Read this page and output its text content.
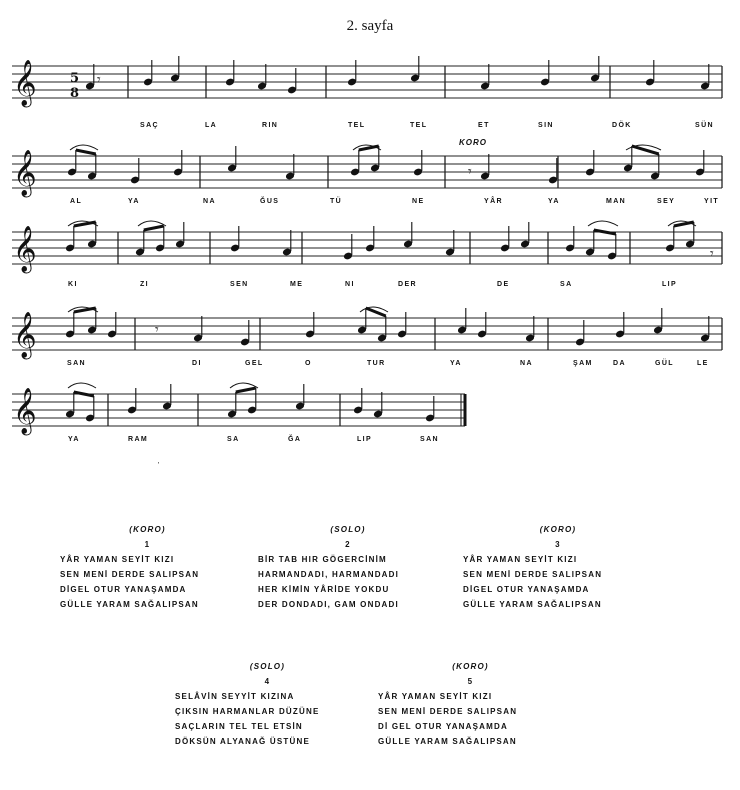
2. sayfa
𝄞
𝄞
𝄞
𝄞
𝄞
5
8
𝄾
𝄾
𝄾
𝄾
SAÇ	LA	RIN	TEL	TEL	ET	SIN	DÖK	SÜN
AL	YA	NA	ĞUS	TÜ	NE	YÂR	YA	MAN	SEY	YIT
KI	ZI	SEN	ME	NI	DER	DE	SA	LIP
SAN	DI	GEL	O	TUR	YA	NA	ŞAM	DA	GÜL	LE
YA	RAM	SA	ĞA	LIP	SAN
KORO
'
(KORO)
1
YÂR YAMAN SEYİT KIZI
SEN MENİ DERDE SALIPSAN
DİGEL OTUR YANAŞAMDA
GÜLLE YARAM SAĞALIPSAN
(SOLO)
2
BİR TAB HIR GÖGERCİNİM
HARMANDADI, HARMANDADI
HER KİMİN YÂRİDE YOKDU
DER DONDADI, GAM ONDADI
(KORO)
3
YÂR YAMAN SEYİT KIZI
SEN MENİ DERDE SALIPSAN
DİGEL OTUR YANAŞAMDA
GÜLLE YARAM SAĞALIPSAN
(SOLO)
4
SELÂVİN SEYYİT KIZINA
ÇIKSIN HARMANLAR DÜZÜNE
SAÇLARIN TEL TEL ETSİN
DÖKSÜN ALYANAĞ ÜSTÜNE
(KORO)
5
YÂR YAMAN SEYİT KIZI
SEN MENİ DERDE SALIPSAN
Dİ GEL OTUR YANAŞAMDA
GÜLLE YARAM SAĞALIPSAN
